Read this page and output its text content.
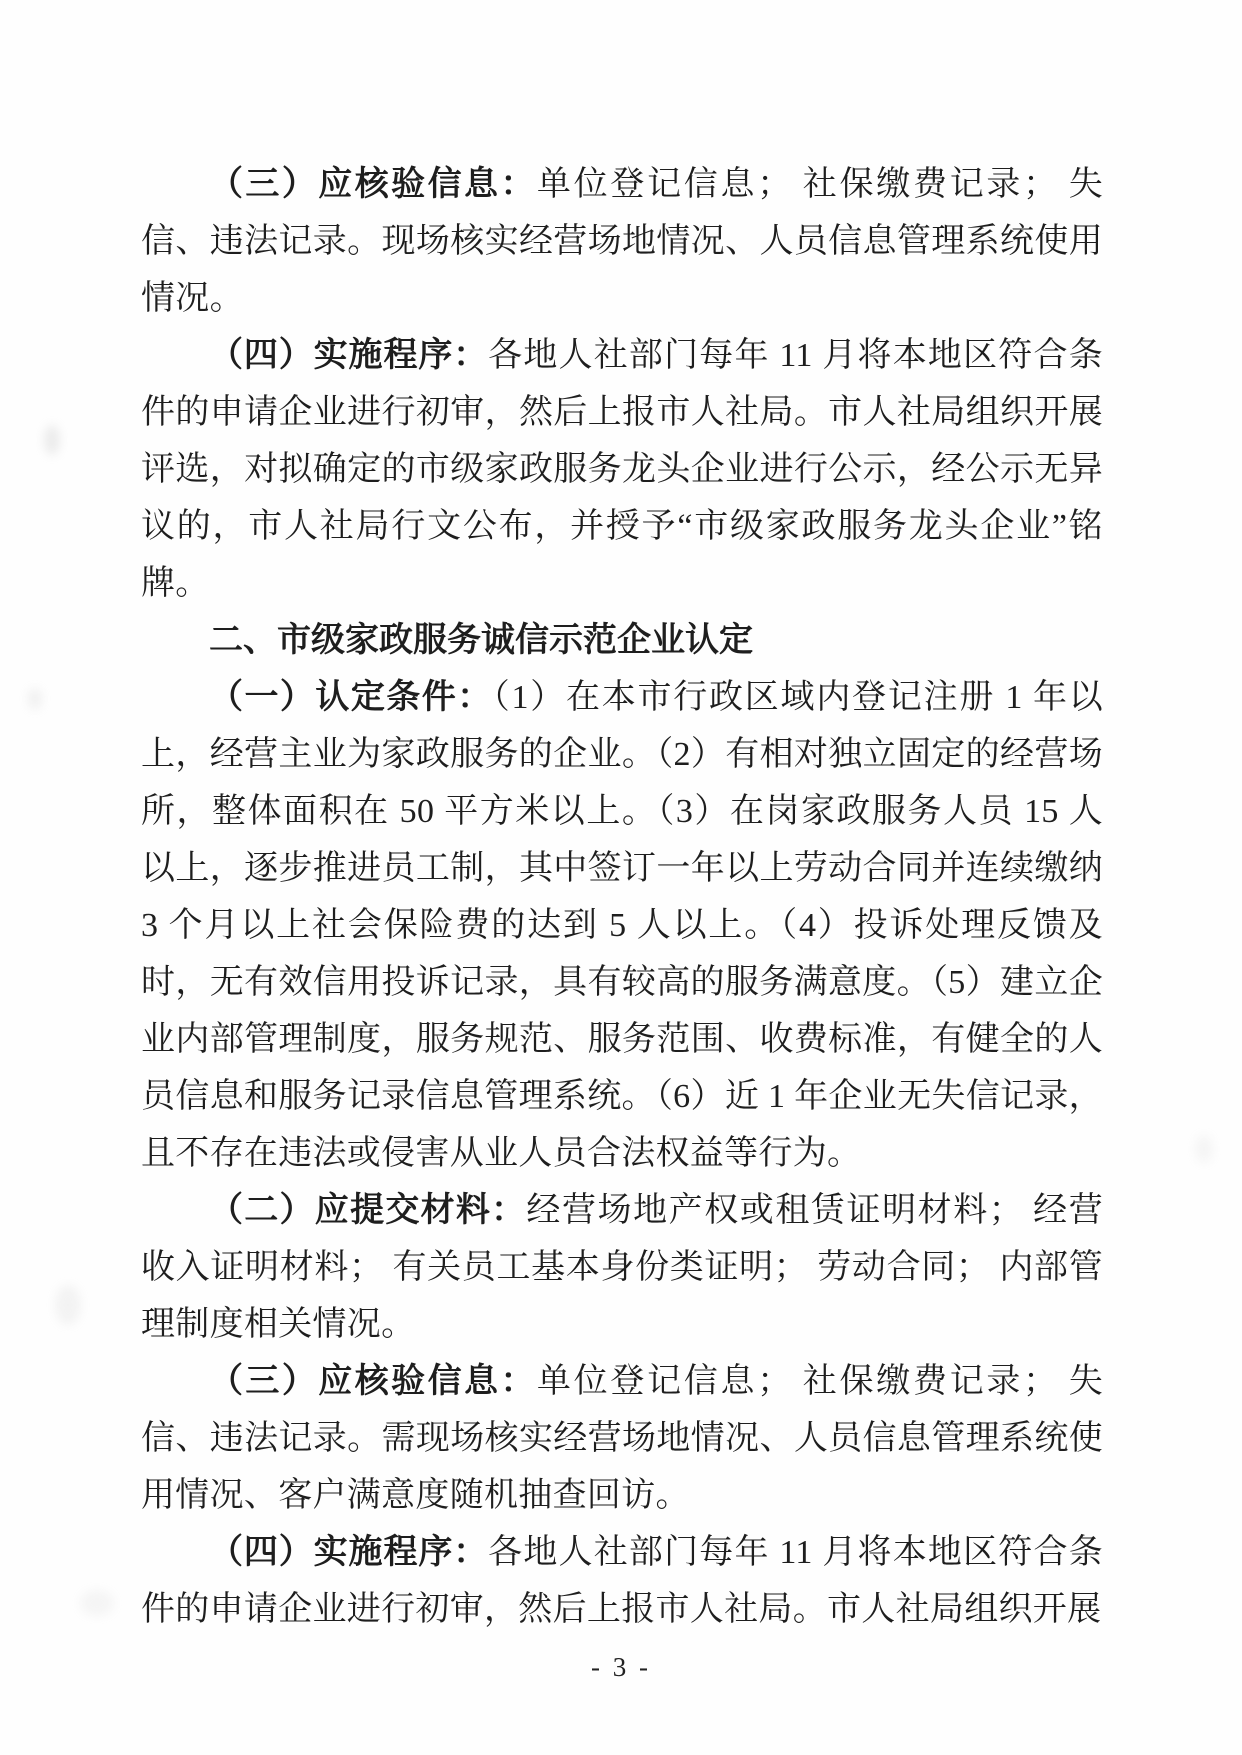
（三）应核验信息：单位登记信息； 社保缴费记录； 失信、违法记录。现场核实经营场地情况、人员信息管理系统使用情况。

（四）实施程序：各地人社部门每年 11 月将本地区符合条件的申请企业进行初审，然后上报市人社局。市人社局组织开展评选，对拟确定的市级家政服务龙头企业进行公示，经公示无异议的，市人社局行文公布，并授予“市级家政服务龙头企业”铭牌。

二、市级家政服务诚信示范企业认定

（一）认定条件：（1）在本市行政区域内登记注册 1 年以上，经营主业为家政服务的企业。（2）有相对独立固定的经营场所，整体面积在 50 平方米以上。（3）在岗家政服务人员 15 人以上，逐步推进员工制，其中签订一年以上劳动合同并连续缴纳 3 个月以上社会保险费的达到 5 人以上。（4）投诉处理反馈及时，无有效信用投诉记录，具有较高的服务满意度。（5）建立企业内部管理制度，服务规范、服务范围、收费标准，有健全的人员信息和服务记录信息管理系统。（6）近 1 年企业无失信记录，且不存在违法或侵害从业人员合法权益等行为。

（二）应提交材料：经营场地产权或租赁证明材料； 经营收入证明材料； 有关员工基本身份类证明； 劳动合同； 内部管理制度相关情况。

（三）应核验信息：单位登记信息； 社保缴费记录； 失信、违法记录。需现场核实经营场地情况、人员信息管理系统使用情况、客户满意度随机抽查回访。

（四）实施程序：各地人社部门每年 11 月将本地区符合条件的申请企业进行初审，然后上报市人社局。市人社局组织开展

- 3 -
